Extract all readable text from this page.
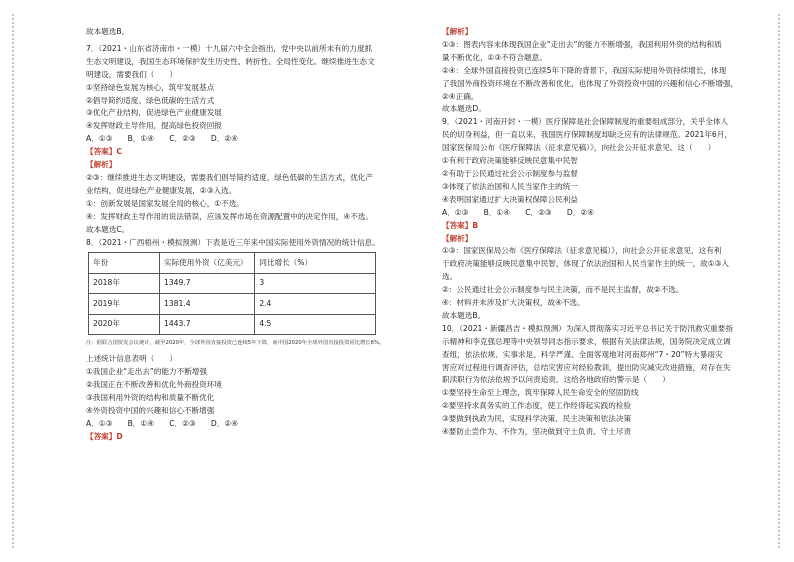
故本题选B。
7．（2021・山东省济南市・一模）十九届六中全会指出，党中央以前所未有的力度抓
生态文明建设，我国生态环境保护发生历史性、转折性、全局性变化。继续推进生态文
明建设，需要我们（　　）
①坚持绿色发展为核心，筑牢发展基点
②倡导简约适度、绿色低碳的生活方式
③优化产业结构，促进绿色产业健康发展
④发挥财政主导作用，提高绿色投资回报
A．①③　　B．①④　　C．②③　　D．②④
【答案】C
【解析】
②③：继续推进生态文明建设，需要我们倡导简约适度、绿色低碳的生活方式，优化产
业结构，促进绿色产业健康发展，②③入选。
①：创新发展是国家发展全局的核心，①不选。
④：发挥财政主导作用的说法错误，应该发挥市场在资源配置中的决定作用，④不选。
故本题选C。
8．（2021・广西梧州・模拟预测）下表是近三年来中国实际使用外资情况的统计信息。
年份	实际使用外资（亿美元）	同比增长（%）
2018年	1349.7	3
2019年	1381.4	2.4
2020年	1443.7	4.5
注：据联合国贸发会议统计，截至2020年，全球外国直接投资已连续5年下降，而中国2020年全球外国直接投资同比增长6%。
上述统计信息表明（　　）
①我国企业“走出去”的能力不断增强
②我国正在不断改善和优化外商投资环境
③我国利用外资的结构和质量不断优化
④外资投资中国的兴趣和信心不断增强
A．①③　　B．①④　　C．②③　　D．②④
【答案】D
【解析】
①③：图表内容未体现我国企业“走出去”的能力不断增强，我国利用外资的结构和质
量不断优化，①③不符合题意。
②④：全球外国直接投资已连续5年下降的背景下，我国实际使用外资持续增长，体现
了我国外商投资环境在不断改善和优化，也体现了外资投资中国的兴趣和信心不断增强，
②④正确。
故本题选D。
9．（2021・河南开封・一模）医疗保障是社会保障制度的重要组成部分，关乎全体人
民的切身利益，但一直以来，我国医疗保障制度却缺乏应有的法律规范。2021年6月，
国家医保局公布《医疗保障法（征求意见稿）》，向社会公开征求意见。这（　　）
①有利于政府决策能够反映民意集中民智
②有助于公民通过社会公示制度参与监督
③体现了依法治国和人民当家作主的统一
④表明国家通过扩大决策权保障公民利益
A．①③　　B．①④　　C．②③　　D．②④
【答案】B
【解析】
①③：国家医保局公布《医疗保障法（征求意见稿）》，向社会公开征求意见，这有利
于政府决策能够反映民意集中民智，体现了依法治国和人民当家作主的统一，故①③入
选。
②：公民通过社会公示制度参与民主决策，而不是民主监督，故②不选。
④：材料并未涉及扩大决策权，故④不选。
故本题选B。
10．（2021・新疆昌吉・模拟预测）为深入贯彻落实习近平总书记关于防汛救灾重要指
示精神和李克强总理等中央领导同志指示要求，根据有关法律法规，国务院决定成立调
查组，依法依规、实事求是、科学严谨、全面客观地对河南郑州“7・20”特大暴雨灾
害应对过程进行调查评估，总结灾害应对经验教训，提出防灾减灾改进措施，对存在失
职渎职行为依法依规予以问责追责。这给各地政府的警示是（　　）
①要坚持生命至上理念，筑牢保障人民生命安全的坚固防线
②要坚持求真务实的工作态度，使工作经得起实践的检验
③要做到执政为民，实现科学决策、民主决策和依法决策
④要防止尝作为、不作为，坚决做到守土负责、守土尽责
